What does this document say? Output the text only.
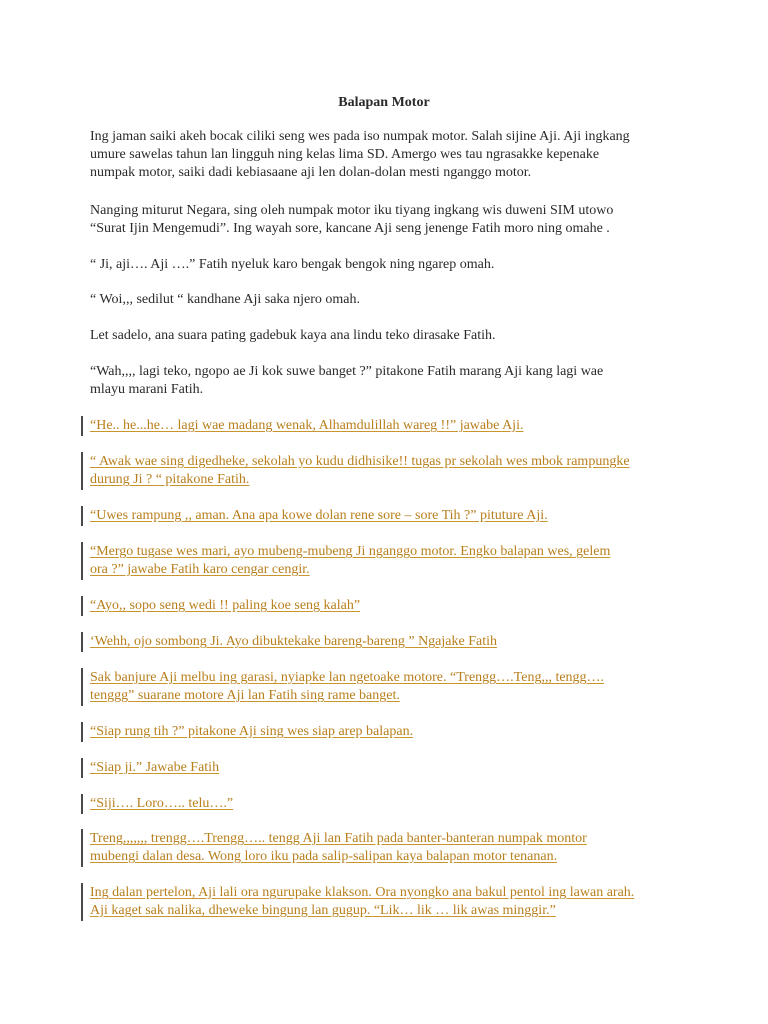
Balapan Motor

Ing jaman saiki akeh bocak ciliki seng wes pada iso numpak motor. Salah sijine Aji. Aji ingkang
umure sawelas tahun lan lingguh ning kelas lima SD. Amergo wes tau ngrasakke kepenake
numpak motor, saiki dadi kebiasaane aji len dolan-dolan mesti nganggo motor.

Nanging miturut Negara, sing oleh numpak motor iku tiyang ingkang wis duweni SIM utowo
“Surat Ijin Mengemudi”. Ing wayah sore, kancane Aji seng jenenge Fatih moro ning omahe .

“ Ji, aji…. Aji ….” Fatih nyeluk karo bengak bengok ning ngarep omah.

“ Woi,,, sedilut “ kandhane Aji saka njero omah.

Let sadelo, ana suara pating gadebuk kaya ana lindu teko dirasake Fatih.

“Wah,,,, lagi teko, ngopo ae Ji kok suwe banget ?” pitakone Fatih marang Aji kang lagi wae
mlayu marani Fatih.

“He.. he...he… lagi wae madang wenak, Alhamdulillah wareg !!” jawabe Aji.

“ Awak wae sing digedheke, sekolah yo kudu didhisike!! tugas pr sekolah wes mbok rampungke
durung Ji ? “ pitakone Fatih.

“Uwes rampung ,, aman. Ana apa kowe dolan rene sore – sore Tih ?” pituture Aji.

“Mergo tugase wes mari, ayo mubeng-mubeng Ji nganggo motor. Engko balapan wes, gelem
ora ?” jawabe Fatih karo cengar cengir.

“Ayo,, sopo seng wedi !! paling koe seng kalah”

‘Wehh, ojo sombong Ji. Ayo dibuktekake bareng-bareng ” Ngajake Fatih

Sak banjure Aji melbu ing garasi, nyiapke lan ngetoake motore. “Trengg….Teng,,, tengg….
tenggg” suarane motore Aji lan Fatih sing rame banget.

“Siap rung tih ?” pitakone Aji sing wes siap arep balapan.

“Siap ji.” Jawabe Fatih

“Siji…. Loro….. telu….”

Treng,,,,,,, trengg….Trengg….. tengg Aji lan Fatih pada banter-banteran numpak montor
mubengi dalan desa. Wong loro iku pada salip-salipan kaya balapan motor tenanan.

Ing dalan pertelon, Aji lali ora ngurupake klakson. Ora nyongko ana bakul pentol ing lawan arah.
Aji kaget sak nalika, dheweke bingung lan gugup. “Lik… lik … lik awas minggir.”
